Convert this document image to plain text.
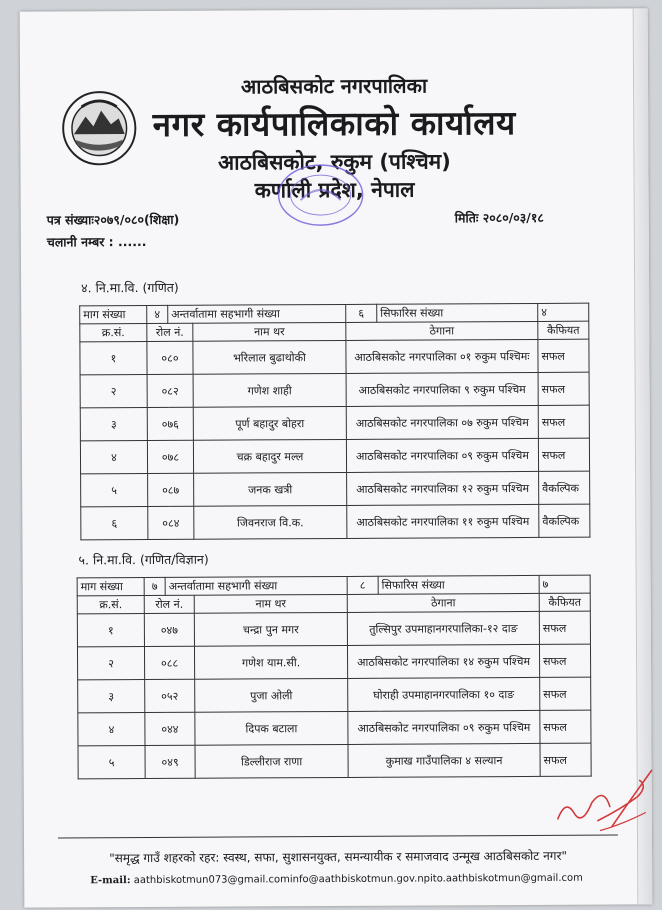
आठबिसकोट नगरपालिका
नगर कार्यपालिकाको कार्यालय
आठबिसकोट, रुकुम (पश्चिम)
कर्णाली प्रदेश, नेपाल
पत्र संख्याः२०७९/०८०(शिक्षा)
चलानी नम्बर : ......
मितिः २०८०/०३/१८
४. नि.मा.वि. (गणित)
माग संख्या	४	अन्तर्वातामा सहभागी संख्या		६	सिफारिस संख्या	४
क्र.सं.	रोल नं.		नाम थर	ठेगाना		कैफियत
१	०८०		भरिलाल बुढाथोकी	आठबिसकोट नगरपालिका ०१ रुकुम पश्चिमः		सफल
२	०८२		गणेश शाही	आठबिसकोट नगरपालिका ९ रुकुम पश्चिम		सफल
३	०७६		पूर्ण बहादुर बोहरा	आठबिसकोट नगरपालिका ०७ रुकुम पश्चिम		सफल
४	०७८		चक्र बहादुर मल्ल	आठबिसकोट नगरपालिका ०९ रुकुम पश्चिम		सफल
५	०८७		जनक खत्री	आठबिसकोट नगरपालिका १२ रुकुम पश्चिम		वैकल्पिक
६	०८४		जिवनराज वि.क.	आठबिसकोट नगरपालिका ११ रुकुम पश्चिम		वैकल्पिक
५. नि.मा.वि. (गणित/विज्ञान)
माग संख्या	७	अन्तर्वातामा सहभागी संख्या		८	सिफारिस संख्या	७
क्र.सं.	रोल नं.		नाम थर	ठेगाना		कैफियत
१	०४७		चन्द्रा पुन मगर	तुल्सिपुर उपमाहानगरपालिका-१२ दाङ		सफल
२	०८८		गणेश याम.सी.	आठबिसकोट नगरपालिका १४ रुकुम पश्चिम		सफल
३	०५२		पुजा ओली	घोराही उपमाहानगरपालिका १० दाङ		सफल
४	०४४		दिपक बटाला	आठबिसकोट नगरपालिका ०९ रुकुम पश्चिम		सफल
५	०४९		डिल्लीराज राणा	कुमाख गाउँपालिका ४ सल्यान		सफल
"समृद्ध गाउँ शहरको रहर: स्वस्थ, सफा, सुशासनयुक्त, समन्यायीक र समाजवाद उन्मूख आठबिसकोट नगर"
E-mail: aathbiskotmun073@gmail.cominfo@aathbiskotmun.gov.npito.aathbiskotmun@gmail.com
